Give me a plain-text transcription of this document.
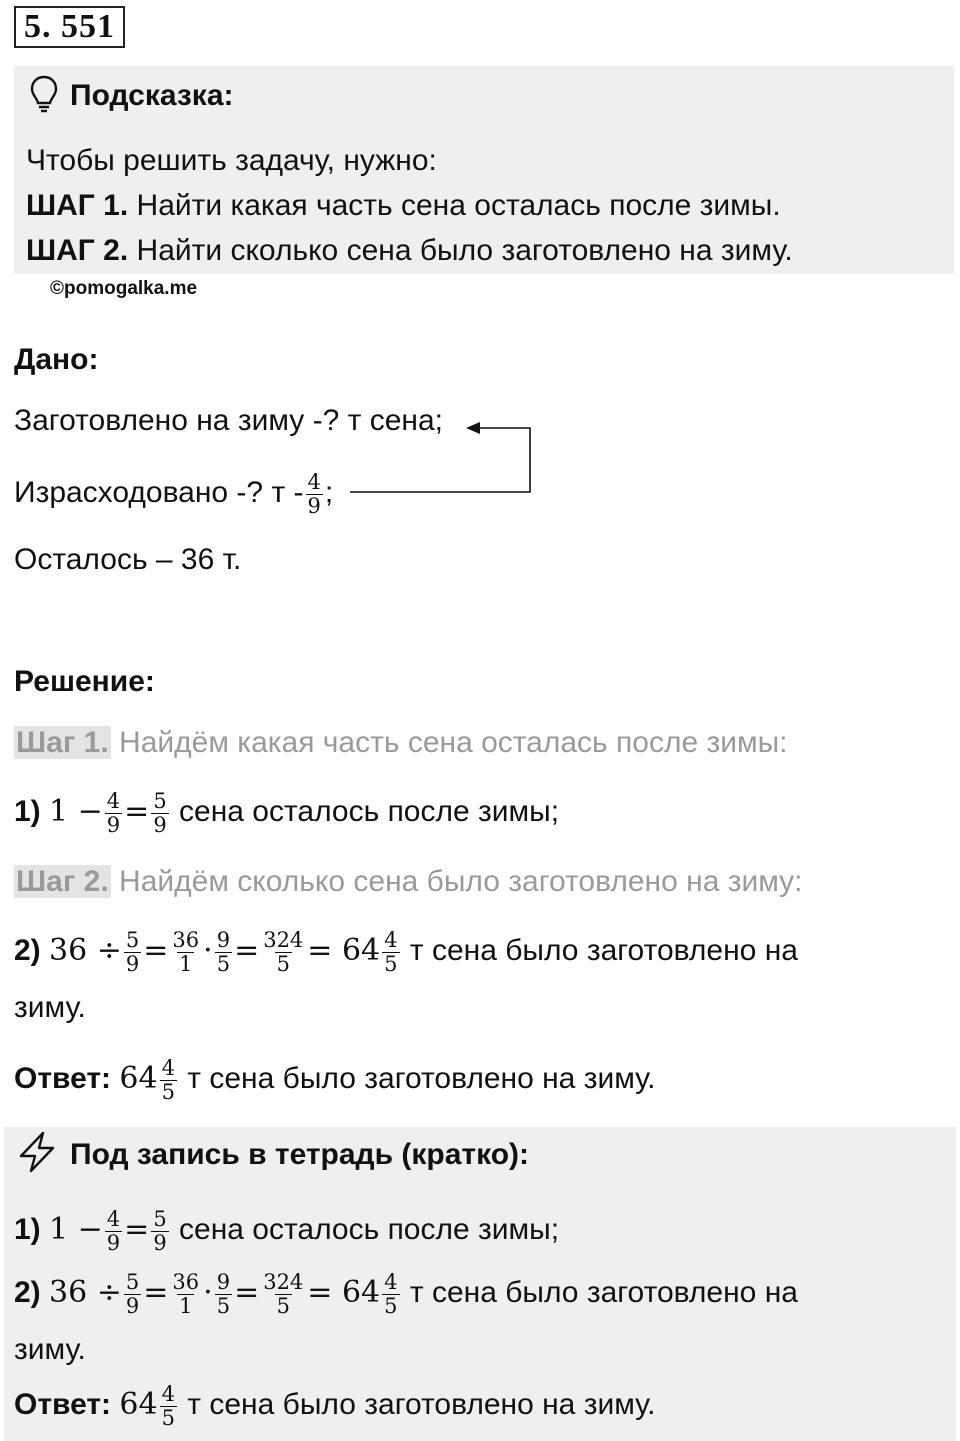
5. 551
Подсказка:
Чтобы решить задачу, нужно:
ШАГ 1. Найти какая часть сена осталась после зимы.
ШАГ 2. Найти сколько сена было заготовлено на зиму.
©pomogalka.me
Дано:
Заготовлено на зиму -? т сена;
Израсходовано -? т - $\frac{4}{9}$ ;
Осталось – 36 т.
Решение:
Шаг 1. Найдём какая часть сена осталась после зимы:
1) $1 - \frac{4}{9} = \frac{5}{9}$ сена осталось после зимы;
Шаг 2. Найдём сколько сена было заготовлено на зиму:
2) $36 \div \frac{5}{9} = \frac{36}{1} \cdot \frac{9}{5} = \frac{324}{5} = 64 \frac{4}{5}$ т сена было заготовлено на
зиму.
Ответ: $64 \frac{4}{5}$ т сена было заготовлено на зиму.
Под запись в тетрадь (кратко):
1) $1 - \frac{4}{9} = \frac{5}{9}$ сена осталось после зимы;
2) $36 \div \frac{5}{9} = \frac{36}{1} \cdot \frac{9}{5} = \frac{324}{5} = 64 \frac{4}{5}$ т сена было заготовлено на
зиму.
Ответ: $64 \frac{4}{5}$ т сена было заготовлено на зиму.
